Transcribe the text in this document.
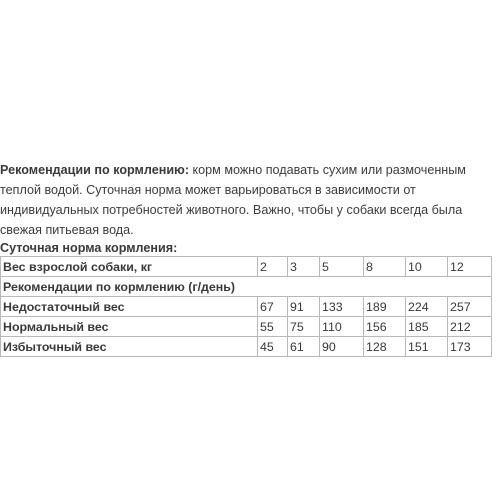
Рекомендации по кормлению: корм можно подавать сухим или размоченным теплой водой. Суточная норма может варьироваться в зависимости от индивидуальных потребностей животного. Важно, чтобы у собаки всегда была свежая питьевая вода.

Суточная норма кормления:

Вес взрослой собаки, кг	2	3	5	8	10	12
Рекомендации по кормлению (г/день)						
Недостаточный вес	67	91	133	189	224	257
Нормальный вес	55	75	110	156	185	212
Избыточный вес	45	61	90	128	151	173
